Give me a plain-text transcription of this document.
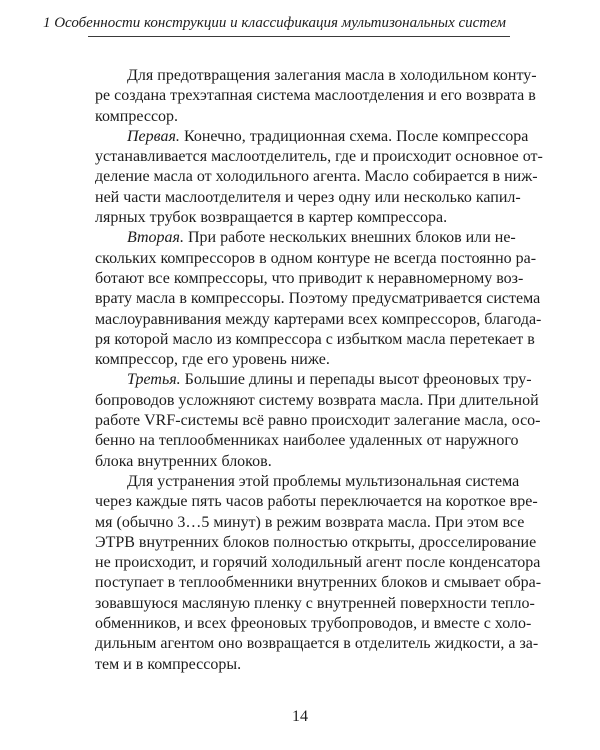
1 Особенности конструкции и классификация мультизональных систем
Для предотвращения залегания масла в холодильном конту-
ре создана трехэтапная система маслоотделения и его возврата в
компрессор.
Первая. Конечно, традиционная схема. После компрессора
устанавливается маслоотделитель, где и происходит основное от-
деление масла от холодильного агента. Масло собирается в ниж-
ней части маслоотделителя и через одну или несколько капил-
лярных трубок возвращается в картер компрессора.
Вторая. При работе нескольких внешних блоков или не-
скольких компрессоров в одном контуре не всегда постоянно ра-
ботают все компрессоры, что приводит к неравномерному воз-
врату масла в компрессоры. Поэтому предусматривается система
маслоуравнивания между картерами всех компрессоров, благода-
ря которой масло из компрессора с избытком масла перетекает в
компрессор, где его уровень ниже.
Третья. Большие длины и перепады высот фреоновых тру-
бопроводов усложняют систему возврата масла. При длительной
работе VRF-системы всё равно происходит залегание масла, осо-
бенно на теплообменниках наиболее удаленных от наружного
блока внутренних блоков.
Для устранения этой проблемы мультизональная система
через каждые пять часов работы переключается на короткое вре-
мя (обычно 3…5 минут) в режим возврата масла. При этом все
ЭТРВ внутренних блоков полностью открыты, дросселирование
не происходит, и горячий холодильный агент после конденсатора
поступает в теплообменники внутренних блоков и смывает обра-
зовавшуюся масляную пленку с внутренней поверхности тепло-
обменников, и всех фреоновых трубопроводов, и вместе с холо-
дильным агентом оно возвращается в отделитель жидкости, а за-
тем и в компрессоры.
14
